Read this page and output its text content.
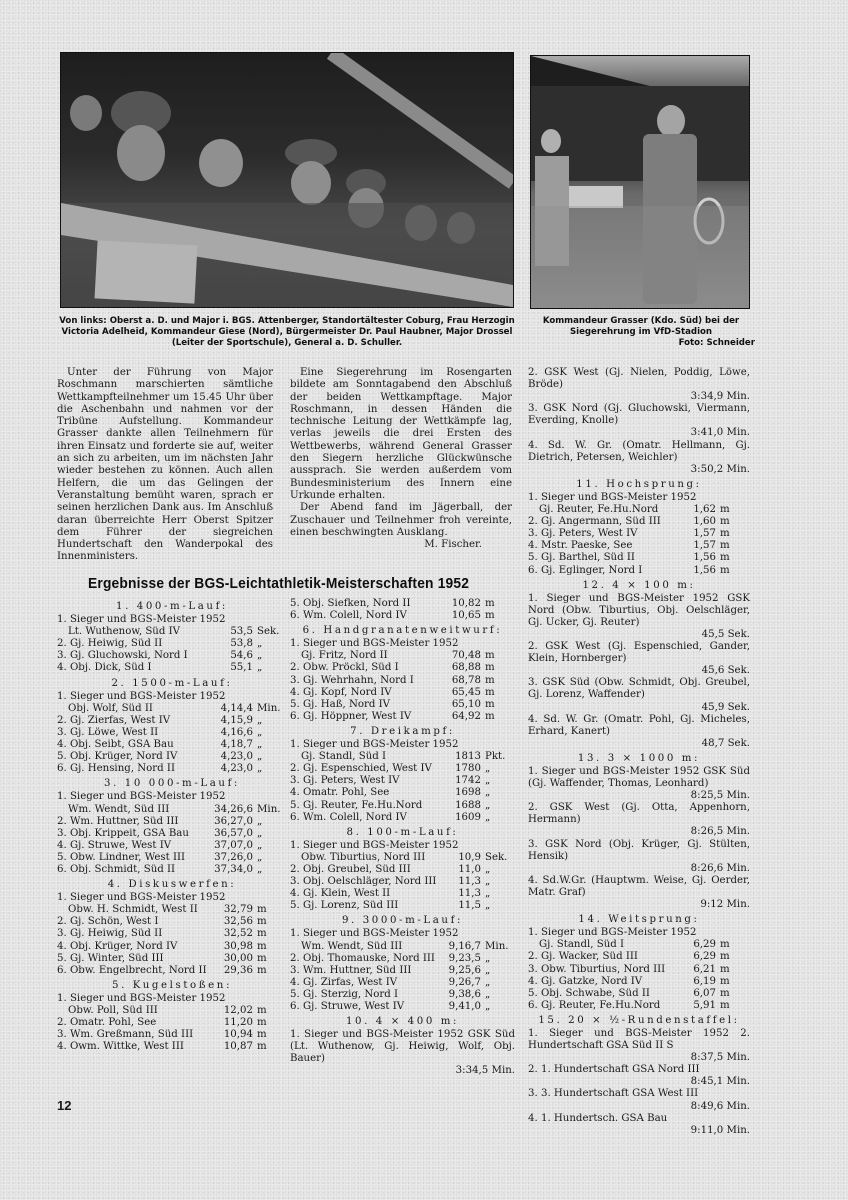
Von links: Oberst a. D. und Major i. BGS. Attenberger, Standortältester Coburg, Frau Herzogin Victoria Adelheid, Kommandeur Giese (Nord), Bürgermeister Dr. Paul Haubner, Major Drossel (Leiter der Sportschule), General a. D. Schuller.
Kommandeur Grasser (Kdo. Süd) bei der Siegerehrung im VfD-Stadion
Foto: Schneider

Unter der Führung von Major Roschmann marschierten sämtliche Wettkampfteilnehmer um 15.45 Uhr über die Aschenbahn und nahmen vor der Tribüne Aufstellung. Kommandeur Grasser dankte allen Teilnehmern für ihren Einsatz und forderte sie auf, weiter an sich zu arbeiten, um im nächsten Jahr wieder bestehen zu können. Auch allen Helfern, die um das Gelingen der Veranstaltung bemüht waren, sprach er seinen herzlichen Dank aus. Im Anschluß daran überreichte Herr Oberst Spitzer dem Führer der siegreichen Hundertschaft den Wanderpokal des Innenministers.

Eine Siegerehrung im Rosengarten bildete am Sonntagabend den Abschluß der beiden Wettkampftage. Major Roschmann, in dessen Händen die technische Leitung der Wettkämpfe lag, verlas jeweils die drei Ersten des Wettbewerbs, während General Grasser den Siegern herzliche Glückwünsche aussprach. Sie werden außerdem vom Bundesministerium des Innern eine Urkunde erhalten.

Der Abend fand im Jägerball, der Zuschauer und Teilnehmer froh vereinte, einen beschwingten Ausklang.

M. Fischer.
Ergebnisse der BGS-Leichtathletik-Meisterschaften 1952
1. 400-m-Lauf:
1. Sieger und BGS-Meister 1952
Lt. Wuthenow, Süd IV	53,5 Sek.
2. Gj. Heiwig, Süd II	53,8 „
3. Gj. Gluchowski, Nord I	54,6 „
4. Obj. Dick, Süd I	55,1 „
2. 1500-m-Lauf:
1. Sieger und BGS-Meister 1952
Obj. Wolf, Süd II	4,14,4 Min.
2. Gj. Zierfas, West IV	4,15,9 „
3. Gj. Löwe, West II	4,16,6 „
4. Obj. Seibt, GSA Bau	4,18,7 „
5. Obj. Krüger, Nord IV	4,23,0 „
6. Gj. Hensing, Nord II	4,23,0 „
3. 10 000-m-Lauf:
1. Sieger und BGS-Meister 1952
Wm. Wendt, Süd III	34,26,6 Min.
2. Wm. Huttner, Süd III	36,27,0 „
3. Obj. Krippeit, GSA Bau	36,57,0 „
4. Gj. Struwe, West IV	37,07,0 „
5. Obw. Lindner, West III	37,26,0 „
6. Obj. Schmidt, Süd II	37,34,0 „
4. Diskuswerfen:
1. Sieger und BGS-Meister 1952
Obw. H. Schmidt, West II	32,79 m
2. Gj. Schön, West I	32,56 m
3. Gj. Heiwig, Süd II	32,52 m
4. Obj. Krüger, Nord IV	30,98 m
5. Gj. Winter, Süd III	30,00 m
6. Obw. Engelbrecht, Nord II	29,36 m
5. Kugelstoßen:
1. Sieger und BGS-Meister 1952
Obw. Poll, Süd III	12,02 m
2. Omatr. Pohl, See	11,20 m
3. Wm. Greßmann, Süd III	10,94 m
4. Owm. Wittke, West III	10,87 m
5. Obj. Siefken, Nord II	10,82 m
6. Wm. Colell, Nord IV	10,65 m
6. Handgranatenweitwurf:
1. Sieger und BGS-Meister 1952
Gj. Fritz, Nord II	70,48 m
2. Obw. Pröckl, Süd I	68,88 m
3. Gj. Wehrhahn, Nord I	68,78 m
4. Gj. Kopf, Nord IV	65,45 m
5. Gj. Haß, Nord IV	65,10 m
6. Gj. Höppner, West IV	64,92 m
7. Dreikampf:
1. Sieger und BGS-Meister 1952
Gj. Standl, Süd I	1813 Pkt.
2. Gj. Espenschied, West IV	1780 „
3. Gj. Peters, West IV	1742 „
4. Omatr. Pohl, See	1698 „
5. Gj. Reuter, Fe.Hu.Nord	1688 „
6. Wm. Colell, Nord IV	1609 „
8. 100-m-Lauf:
1. Sieger und BGS-Meister 1952
Obw. Tiburtius, Nord III	10,9 Sek.
2. Obj. Greubel, Süd III	11,0 „
3. Obj. Oelschläger, Nord III	11,3 „
4. Gj. Klein, West II	11,3 „
5. Gj. Lorenz, Süd III	11,5 „
9. 3000-m-Lauf:
1. Sieger und BGS-Meister 1952
Wm. Wendt, Süd III	9,16,7 Min.
2. Obj. Thomauske, Nord III	9,23,5 „
3. Wm. Huttner, Süd III	9,25,6 „
4. Gj. Zirfas, West IV	9,26,7 „
5. Gj. Sterzig, Nord I	9,38,6 „
6. Gj. Struwe, West IV	9,41,0 „
10. 4 × 400 m:
1. Sieger und BGS-Meister 1952 GSK Süd (Lt. Wuthenow, Gj. Heiwig, Wolf, Obj. Bauer)
3:34,5 Min.
2. GSK West (Gj. Nielen, Poddig, Löwe, Bröde)
3:34,9 Min.
3. GSK Nord (Gj. Gluchowski, Viermann, Everding, Knolle)
3:41,0 Min.
4. Sd. W. Gr. (Omatr. Hellmann, Gj. Dietrich, Petersen, Weichler)
3:50,2 Min.
11. Hochsprung:
1. Sieger und BGS-Meister 1952
Gj. Reuter, Fe.Hu.Nord	1,62 m
2. Gj. Angermann, Süd III	1,60 m
3. Gj. Peters, West IV	1,57 m
4. Mstr. Paeske, See	1,57 m
5. Gj. Barthel, Süd II	1,56 m
6. Gj. Eglinger, Nord I	1,56 m
12. 4 × 100 m:
1. Sieger und BGS-Meister 1952 GSK Nord (Obw. Tiburtius, Obj. Oelschläger, Gj. Ucker, Gj. Reuter)
45,5 Sek.
2. GSK West (Gj. Espenschied, Gander, Klein, Hornberger)
45,6 Sek.
3. GSK Süd (Obw. Schmidt, Obj. Greubel, Gj. Lorenz, Waffender)
45,9 Sek.
4. Sd. W. Gr. (Omatr. Pohl, Gj. Micheles, Erhard, Kanert)
48,7 Sek.
13. 3 × 1000 m:
1. Sieger und BGS-Meister 1952 GSK Süd (Gj. Waffender, Thomas, Leonhard)
8:25,5 Min.
2. GSK West (Gj. Otta, Appenhorn, Hermann)
8:26,5 Min.
3. GSK Nord (Obj. Krüger, Gj. Stülten, Hensik)
8:26,6 Min.
4. Sd.W.Gr. (Hauptwm. Weise, Gj. Oerder, Matr. Graf)
9:12 Min.
14. Weitsprung:
1. Sieger und BGS-Meister 1952
Gj. Standl, Süd I	6,29 m
2. Gj. Wacker, Süd III	6,29 m
3. Obw. Tiburtius, Nord III	6,21 m
4. Gj. Gatzke, Nord IV	6,19 m
5. Obj. Schwabe, Süd II	6,07 m
6. Gj. Reuter, Fe.Hu.Nord	5,91 m
15. 20 × ½-Rundenstaffel:
1. Sieger und BGS-Meister 1952 2. Hundertschaft GSA Süd II S
8:37,5 Min.
2. 1. Hundertschaft GSA Nord III
8:45,1 Min.
3. 3. Hundertschaft GSA West III
8:49,6 Min.
4. 1. Hundertsch. GSA Bau
9:11,0 Min.
12
